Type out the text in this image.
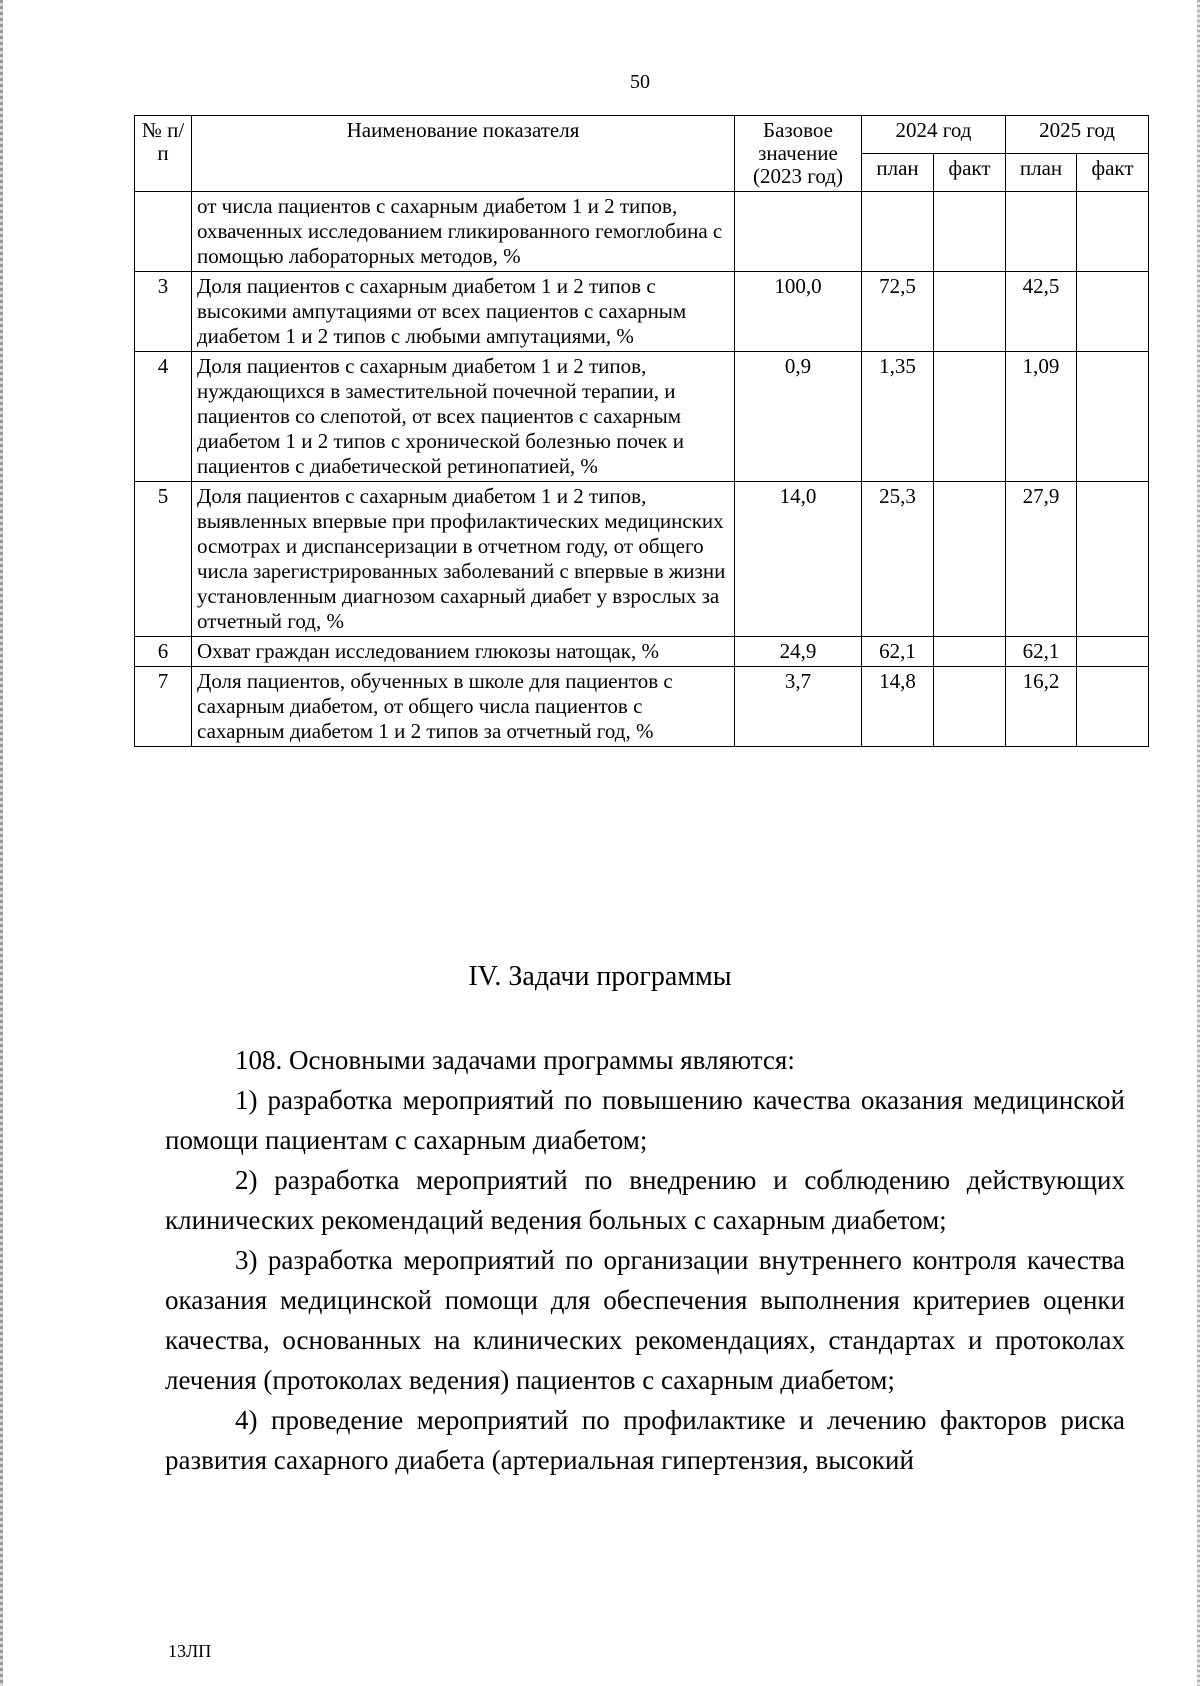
50
№ п/п	Наименование показателя	Базовое значение (2023 год)	2024 год		2025 год	
			план	факт	план	факт
	от числа пациентов с сахарным диабетом 1 и 2 типов, охваченных исследованием гликированного гемоглобина с помощью лабораторных методов, %					
3	Доля пациентов с сахарным диабетом 1 и 2 типов с высокими ампутациями от всех пациентов с сахарным диабетом 1 и 2 типов с любыми ампутациями, %	100,0	72,5		42,5	
4	Доля пациентов с сахарным диабетом 1 и 2 типов, нуждающихся в заместительной почечной терапии, и пациентов со слепотой, от всех пациентов с сахарным диабетом 1 и 2 типов с хронической болезнью почек и пациентов с диабетической ретинопатией, %	0,9	1,35		1,09	
5	Доля пациентов с сахарным диабетом 1 и 2 типов, выявленных впервые при профилактических медицинских осмотрах и диспансеризации в отчетном году, от общего числа зарегистрированных заболеваний с впервые в жизни установленным диагнозом сахарный диабет у взрослых за отчетный год, %	14,0	25,3		27,9	
6	Охват граждан исследованием глюкозы натощак, %	24,9	62,1		62,1	
7	Доля пациентов, обученных в школе для пациентов с сахарным диабетом, от общего числа пациентов с сахарным диабетом 1 и 2 типов за отчетный год, %	3,7	14,8		16,2	
IV. Задачи программы

108. Основными задачами программы являются:

1) разработка мероприятий по повышению качества оказания медицинской помощи пациентам с сахарным диабетом;

2) разработка мероприятий по внедрению и соблюдению действующих клинических рекомендаций ведения больных с сахарным диабетом;

3) разработка мероприятий по организации внутреннего контроля качества оказания медицинской помощи для обеспечения выполнения критериев оценки качества, основанных на клинических рекомендациях, стандартах и протоколах лечения (протоколах ведения) пациентов с сахарным диабетом;

4) проведение мероприятий по профилактике и лечению факторов риска развития сахарного диабета (артериальная гипертензия, высокий

13ЛП
